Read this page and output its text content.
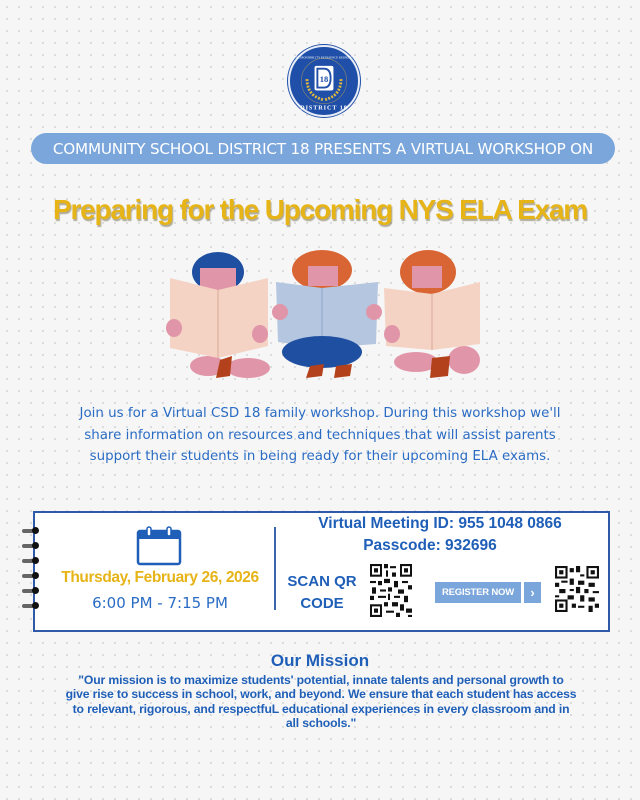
18
DISTRICT 18
RESPONSIBILITY RESILIENCE RESPECT
COMMUNITY SCHOOL DISTRICT 18 PRESENTS A VIRTUAL WORKSHOP ON
Preparing for the Upcoming NYS ELA Exam
Join us for a Virtual CSD 18 family workshop. During this workshop we'll
share information on resources and techniques that will assist parents
support their students in being ready for their upcoming ELA exams.
Thursday, February 26, 2026
6:00 PM - 7:15 PM
Virtual Meeting ID: 955 1048 0866
Passcode: 932696
SCAN QR
CODE
REGISTER NOW	›
Our Mission
"Our mission is to maximize students' potential, innate talents and personal growth to
give rise to success in school, work, and beyond. We ensure that each student has access
to relevant, rigorous, and respectfuL educational experiences in every classroom and in
all schools."
